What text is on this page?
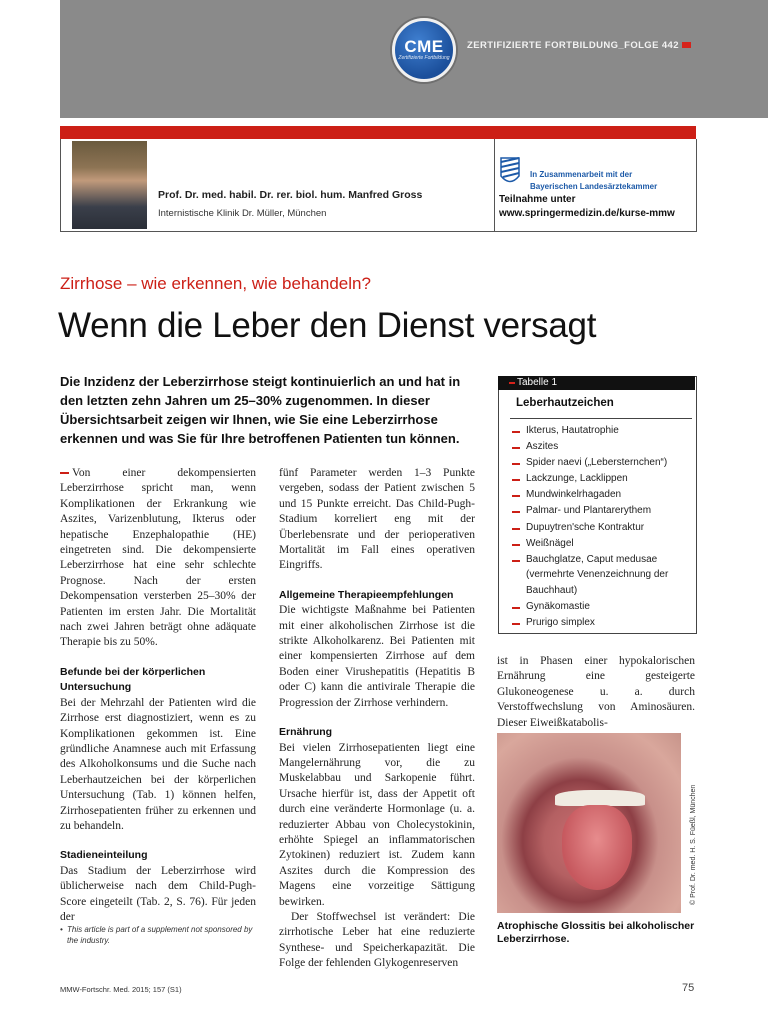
CME
Zertifizierte Fortbildung
ZERTIFIZIERTE FORTBILDUNG_FOLGE 442
Prof. Dr. med. habil. Dr. rer. biol. hum. Manfred Gross
Internistische Klinik Dr. Müller, München
In Zusammenarbeit mit der
Bayerischen Landesärztekammer
Teilnahme unter
www.springermedizin.de/kurse-mmw
Zirrhose – wie erkennen, wie behandeln?
Wenn die Leber den Dienst versagt
Die Inzidenz der Leberzirrhose steigt kontinuierlich an und hat in den letzten zehn Jahren um 25–30% zugenommen. In dieser Übersichtsarbeit zeigen wir Ihnen, wie Sie eine Leberzirrhose erkennen und was Sie für Ihre betroffenen Patienten tun können.
Tabelle 1
Leberhautzeichen
Ikterus, Hautatrophie
Aszites
Spider naevi („Lebersternchen“)
Lackzunge, Lacklippen
Mundwinkelrhagaden
Palmar- und Plantarerythem
Dupuytren'sche Kontraktur
Weißnägel
Bauchglatze, Caput medusae (vermehrte Venenzeichnung der Bauchhaut)
Gynäkomastie
Prurigo simplex

Von einer dekompensierten Leberzirrhose spricht man, wenn Komplikationen der Erkrankung wie Aszites, Varizenblutung, Ikterus oder hepatische Enzephalopathie (HE) eingetreten sind. Die dekompensierte Leberzirrhose hat eine sehr schlechte Prognose. Nach der ersten Dekompensation versterben 25–30% der Patienten im ersten Jahr. Die Mortalität nach zwei Jahren beträgt ohne adäquate Therapie bis zu 50%.

Befunde bei der körperlichen Untersuchung

Bei der Mehrzahl der Patienten wird die Zirrhose erst diagnostiziert, wenn es zu Komplikationen gekommen ist. Eine gründliche Anamnese auch mit Erfassung des Alkoholkonsums und die Suche nach Leberhautzeichen bei der körperlichen Untersuchung (Tab. 1) können helfen, Zirrhosepatienten früher zu erkennen und zu behandeln.

Stadieneinteilung

Das Stadium der Leberzirrhose wird üblicherweise nach dem Child-Pugh-Score eingeteilt (Tab. 2, S. 76). Für jeden der

fünf Parameter werden 1–3 Punkte vergeben, sodass der Patient zwischen 5 und 15 Punkte erreicht. Das Child-Pugh-Stadium korreliert eng mit der Überlebensrate und der perioperativen Mortalität im Fall eines operativen Eingriffs.

Allgemeine Therapieempfehlungen

Die wichtigste Maßnahme bei Patienten mit einer alkoholischen Zirrhose ist die strikte Alkoholkarenz. Bei Patienten mit einer kompensierten Zirrhose auf dem Boden einer Virushepatitis (Hepatitis B oder C) kann die antivirale Therapie die Progression der Zirrhose verhindern.

Ernährung

Bei vielen Zirrhosepatienten liegt eine Mangelernährung vor, die zu Muskelabbau und Sarkopenie führt. Ursache hierfür ist, dass der Appetit oft durch eine veränderte Hormonlage (u. a. reduzierter Abbau von Cholecystokinin, erhöhte Spiegel an inflammatorischen Zytokinen) reduziert ist. Zudem kann Aszites durch die Kompression des Magens eine vorzeitige Sättigung bewirken.

Der Stoffwechsel ist verändert: Die zirrhotische Leber hat eine reduzierte Synthese- und Speicherkapazität. Die Folge der fehlenden Glykogenreserven

ist in Phasen einer hypokalorischen Ernährung eine gesteigerte Glukoneogenese u. a. durch Verstoffwechslung von Aminosäuren. Dieser Eiweißkatabolis-

© Prof. Dr. med. H. S. Füeßl, München
Atrophische Glossitis bei alkoholischer Leberzirrhose.
• This article is part of a supplement not sponsored by the industry.
MMW-Fortschr. Med. 2015; 157 (S1)	75
